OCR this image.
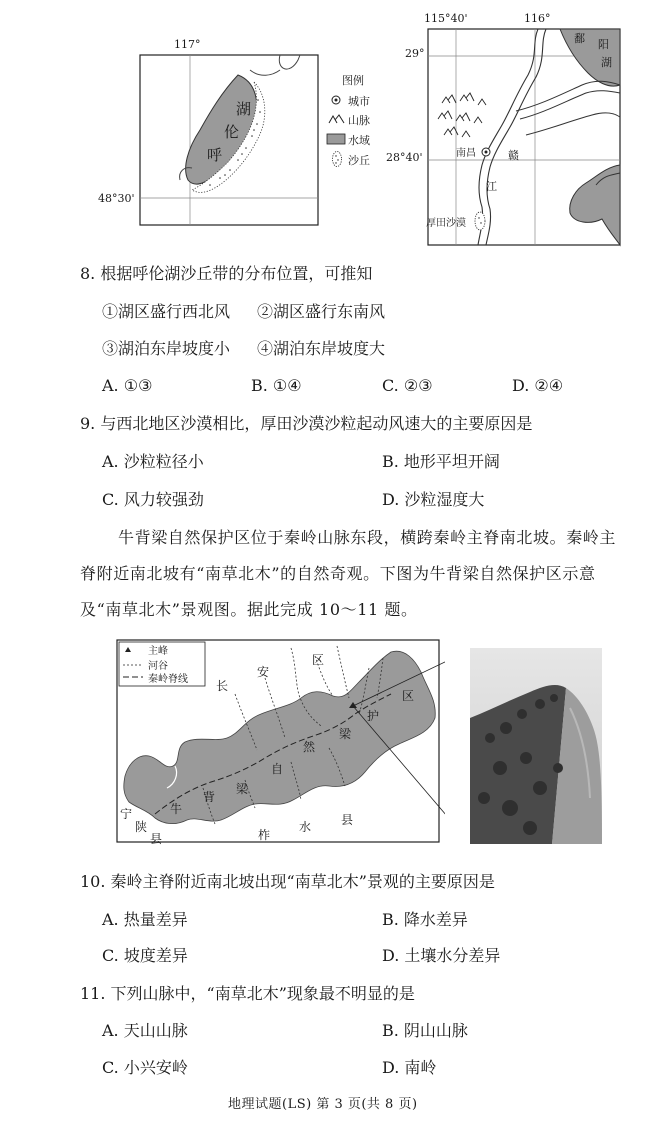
117°
48°30'
湖
伦
呼
图例
城市
山脉
水域
沙丘
115°40'	116°
29°
28°40'
鄱 阳
湖
南昌	赣
江
厚田沙漠
8. 根据呼伦湖沙丘带的分布位置，可推知
①湖区盛行西北风 ②湖区盛行东南风
③湖泊东岸坡度小 ④湖泊东岸坡度大
A. ①③	B. ①④	C. ②③	D. ②④
9. 与西北地区沙漠相比，厚田沙漠沙粒起动风速大的主要原因是
A. 沙粒粒径小	B. 地形平坦开阔
C. 风力较强劲	D. 沙粒湿度大
牛背梁自然保护区位于秦岭山脉东段，横跨秦岭主脊南北坡。秦岭主
脊附近南北坡有“南草北木”的自然奇观。下图为牛背梁自然保护区示意
及“南草北木”景观图。据此完成 10～11 题。
主峰
河谷
秦岭脊线 长
安
区
区
护
梁
然
自
梁
背
牛
宁
陕
县	柞
水 县
10. 秦岭主脊附近南北坡出现“南草北木”景观的主要原因是
A. 热量差异	B. 降水差异
C. 坡度差异	D. 土壤水分差异
11. 下列山脉中，“南草北木”现象最不明显的是
A. 天山山脉	B. 阴山山脉
C. 小兴安岭	D. 南岭
地理试题(LS) 第 3 页(共 8 页)
